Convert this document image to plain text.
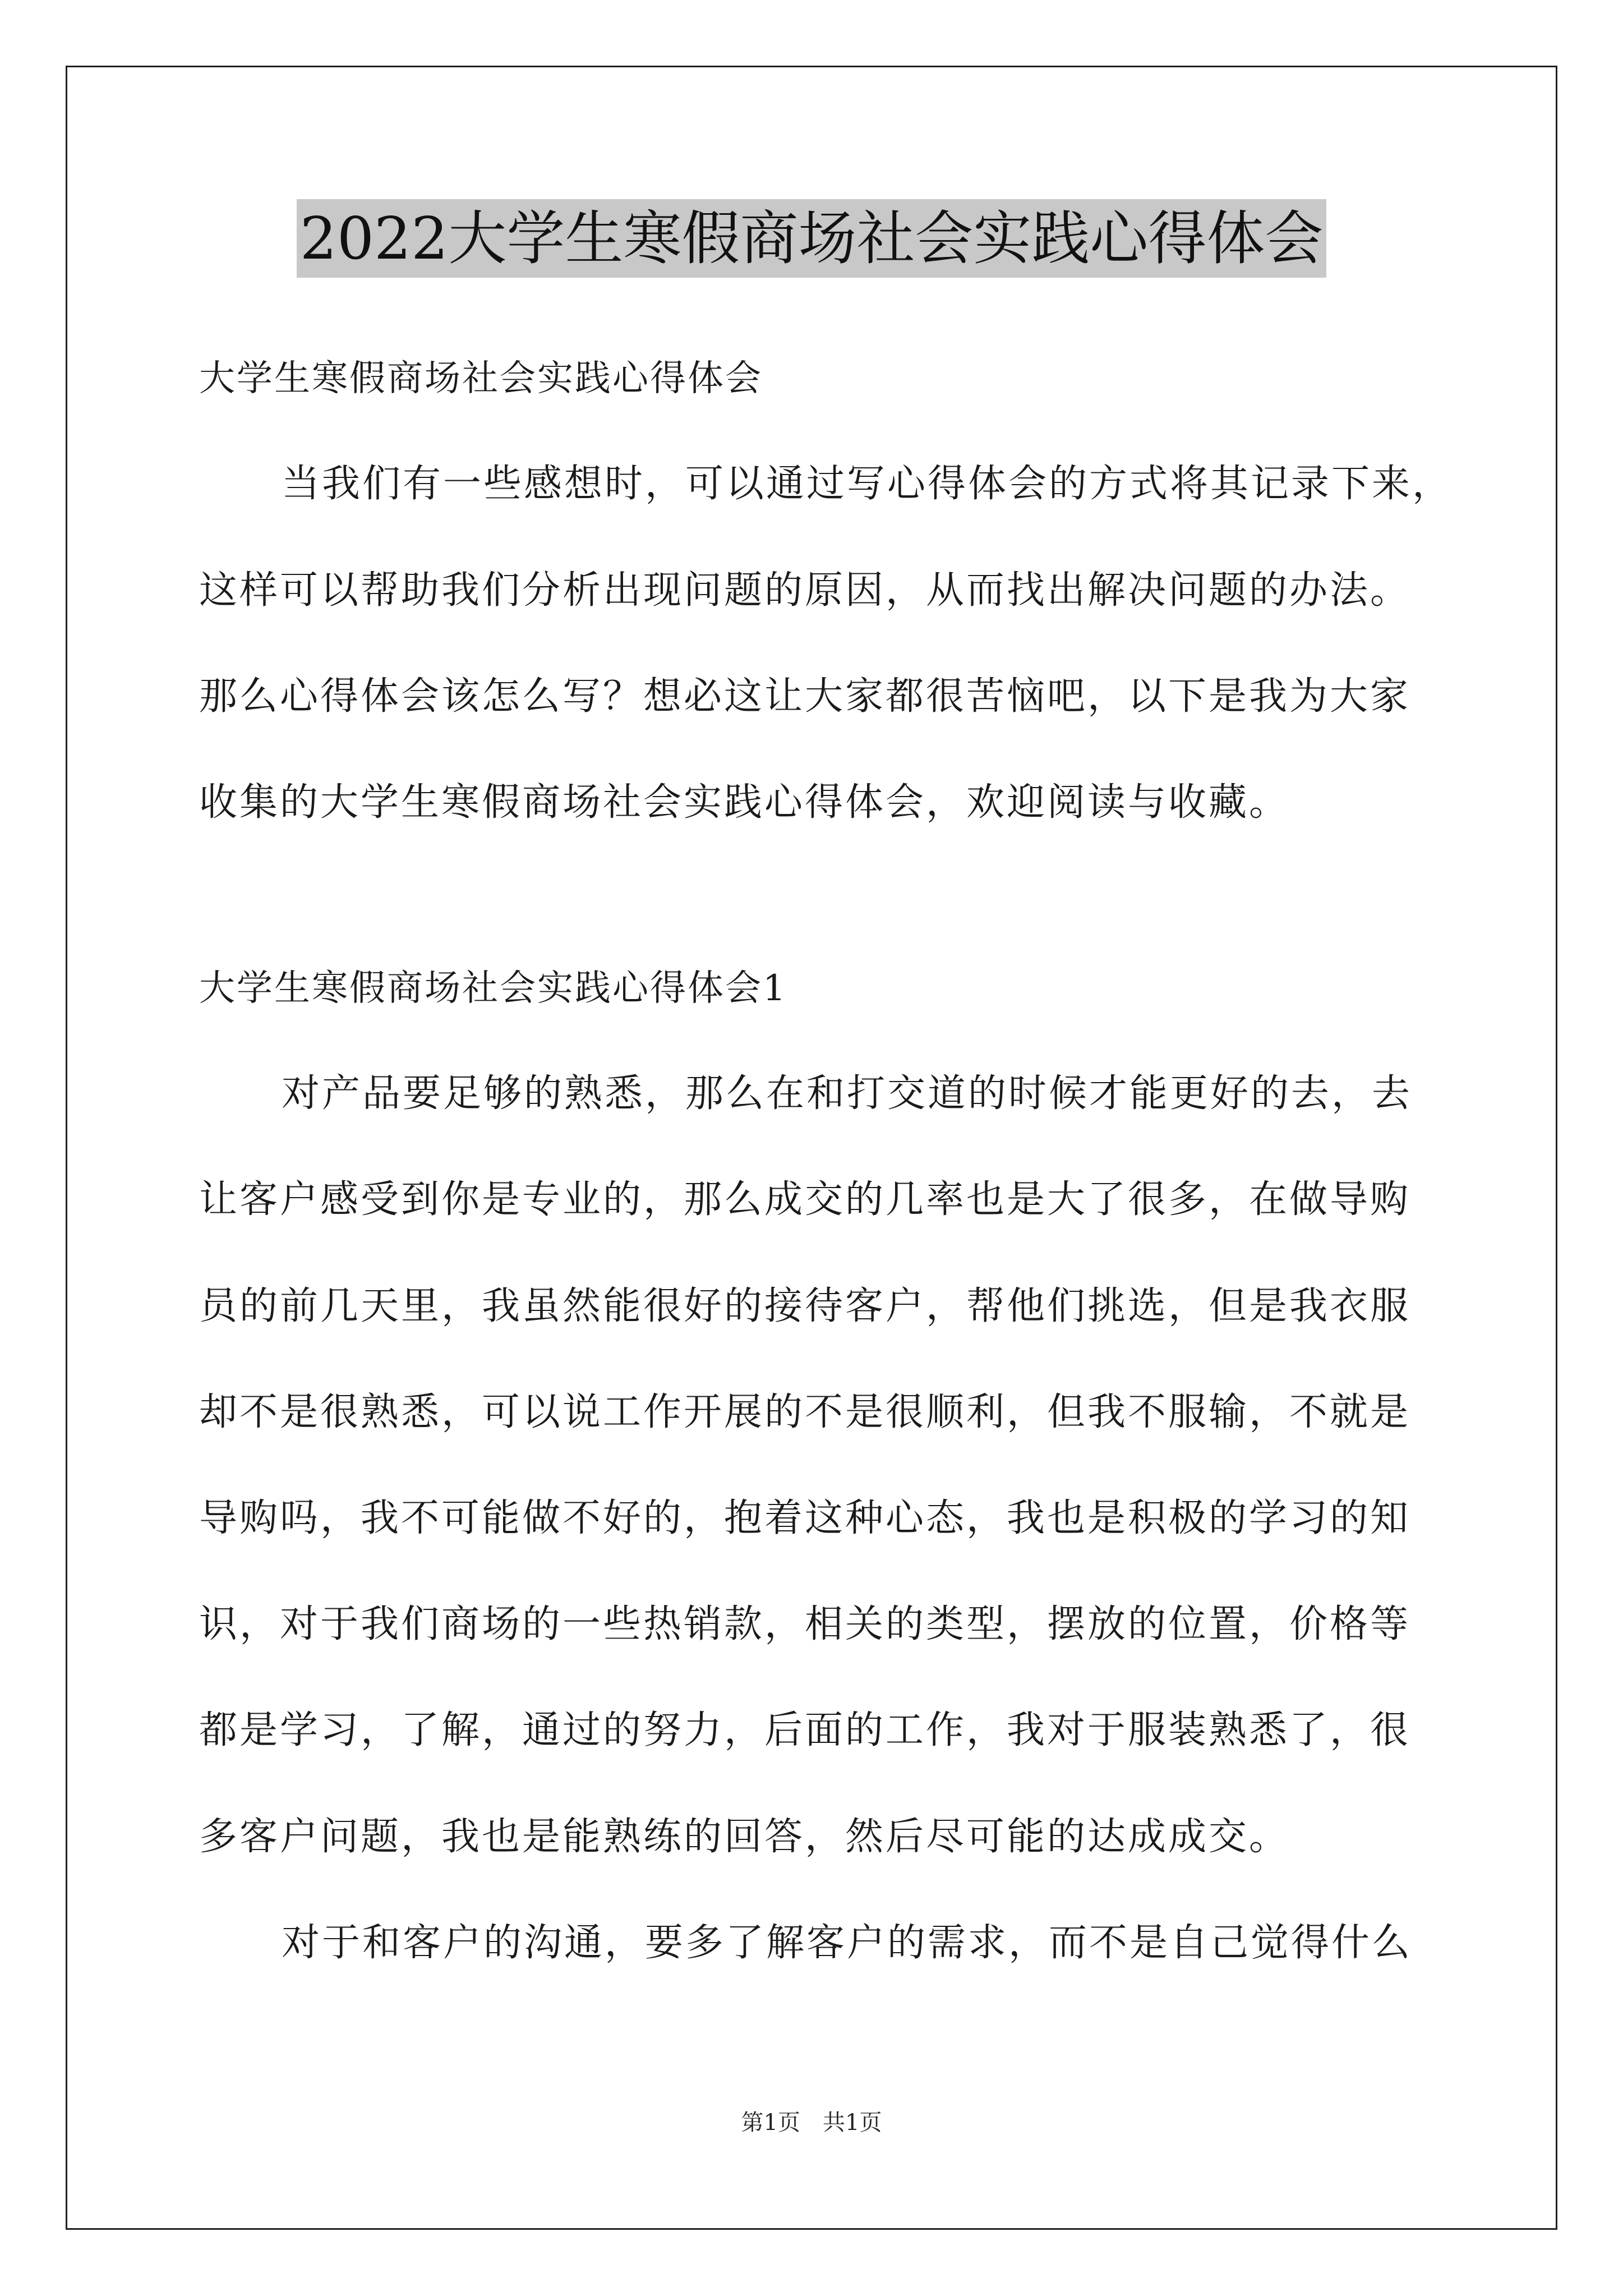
2022大学生寒假商场社会实践心得体会
大学生寒假商场社会实践心得体会
当我们有一些感想时，可以通过写心得体会的方式将其记录下来，
这样可以帮助我们分析出现问题的原因，从而找出解决问题的办法。
那么心得体会该怎么写？想必这让大家都很苦恼吧，以下是我为大家
收集的大学生寒假商场社会实践心得体会，欢迎阅读与收藏。
大学生寒假商场社会实践心得体会1
对产品要足够的熟悉，那么在和打交道的时候才能更好的去，去
让客户感受到你是专业的，那么成交的几率也是大了很多，在做导购
员的前几天里，我虽然能很好的接待客户，帮他们挑选，但是我衣服
却不是很熟悉，可以说工作开展的不是很顺利，但我不服输，不就是
导购吗，我不可能做不好的，抱着这种心态，我也是积极的学习的知
识，对于我们商场的一些热销款，相关的类型，摆放的位置，价格等
都是学习，了解，通过的努力，后面的工作，我对于服装熟悉了，很
多客户问题，我也是能熟练的回答，然后尽可能的达成成交。
对于和客户的沟通，要多了解客户的需求，而不是自己觉得什么
第1页 共1页
